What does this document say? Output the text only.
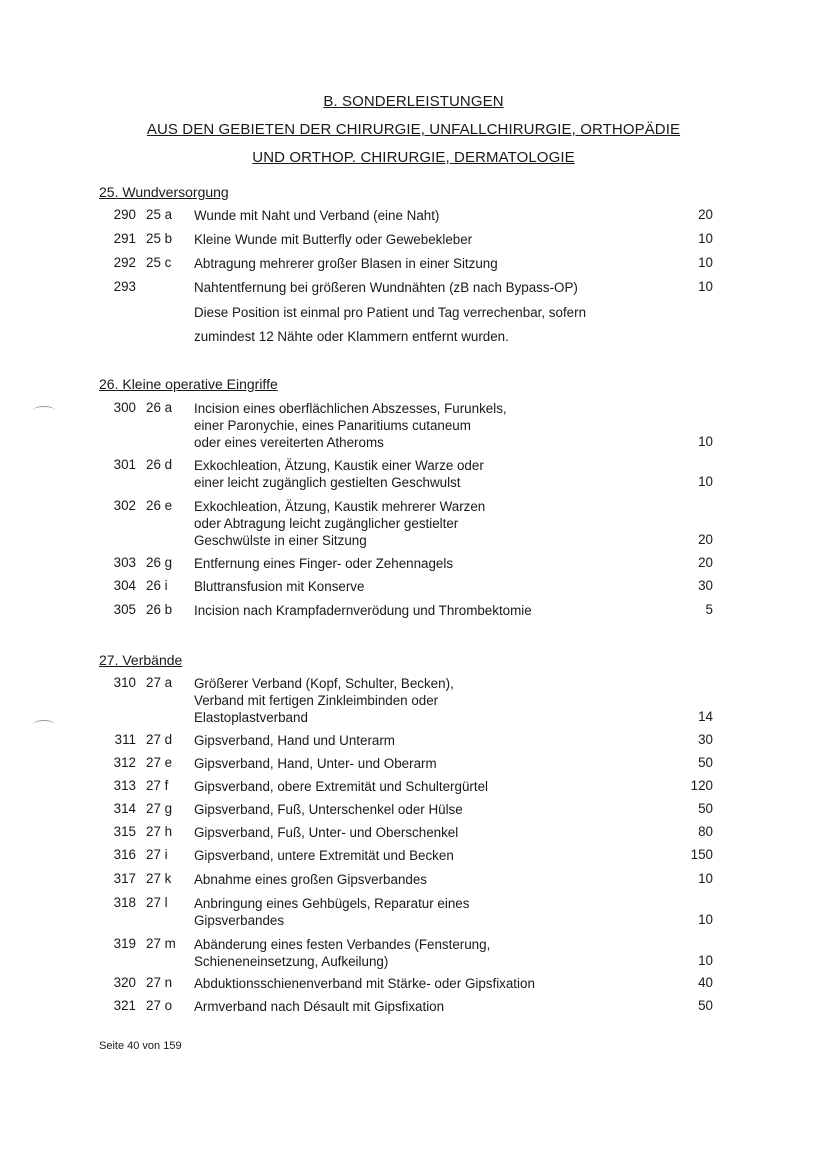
B. SONDERLEISTUNGEN
AUS DEN GEBIETEN DER CHIRURGIE, UNFALLCHIRURGIE, ORTHOPÄDIE
UND ORTHOP. CHIRURGIE, DERMATOLOGIE
25. Wundversorgung
290 25 a	Wunde mit Naht und Verband (eine Naht)	20
291 25 b	Kleine Wunde mit Butterfly oder Gewebekleber	10
292 25 c	Abtragung mehrerer großer Blasen in einer Sitzung	10
293	Nahtentfernung bei größeren Wundnähten (zB nach Bypass-OP)	10
Diese Position ist einmal pro Patient und Tag verrechenbar, sofern
zumindest 12 Nähte oder Klammern entfernt wurden.
26. Kleine operative Eingriffe
300 26 a	Incision eines oberflächlichen Abszesses, Furunkels,
einer Paronychie, eines Panaritiums cutaneum
oder eines vereiterten Atheroms	10
301 26 d	Exkochleation, Ätzung, Kaustik einer Warze oder
einer leicht zugänglich gestielten Geschwulst	10
302 26 e	Exkochleation, Ätzung, Kaustik mehrerer Warzen
oder Abtragung leicht zugänglicher gestielter
Geschwülste in einer Sitzung	20
303 26 g	Entfernung eines Finger- oder Zehennagels	20
304 26 i	Bluttransfusion mit Konserve	30
305 26 b	Incision nach Krampfadernverödung und Thrombektomie	5
27. Verbände
310 27 a	Größerer Verband (Kopf, Schulter, Becken),
Verband mit fertigen Zinkleimbinden oder
Elastoplastverband	14
311 27 d	Gipsverband, Hand und Unterarm	30
312 27 e	Gipsverband, Hand, Unter- und Oberarm	50
313 27 f	Gipsverband, obere Extremität und Schultergürtel	120
314 27 g	Gipsverband, Fuß, Unterschenkel oder Hülse	50
315 27 h	Gipsverband, Fuß, Unter- und Oberschenkel	80
316 27 i	Gipsverband, untere Extremität und Becken	150
317 27 k	Abnahme eines großen Gipsverbandes	10
318 27 l	Anbringung eines Gehbügels, Reparatur eines
Gipsverbandes	10
319 27 m	Abänderung eines festen Verbandes (Fensterung,
Schieneneinsetzung, Aufkeilung)	10
320 27 n	Abduktionsschienenverband mit Stärke- oder Gipsfixation	40
321 27 o	Armverband nach Désault mit Gipsfixation	50
Seite 40 von 159
